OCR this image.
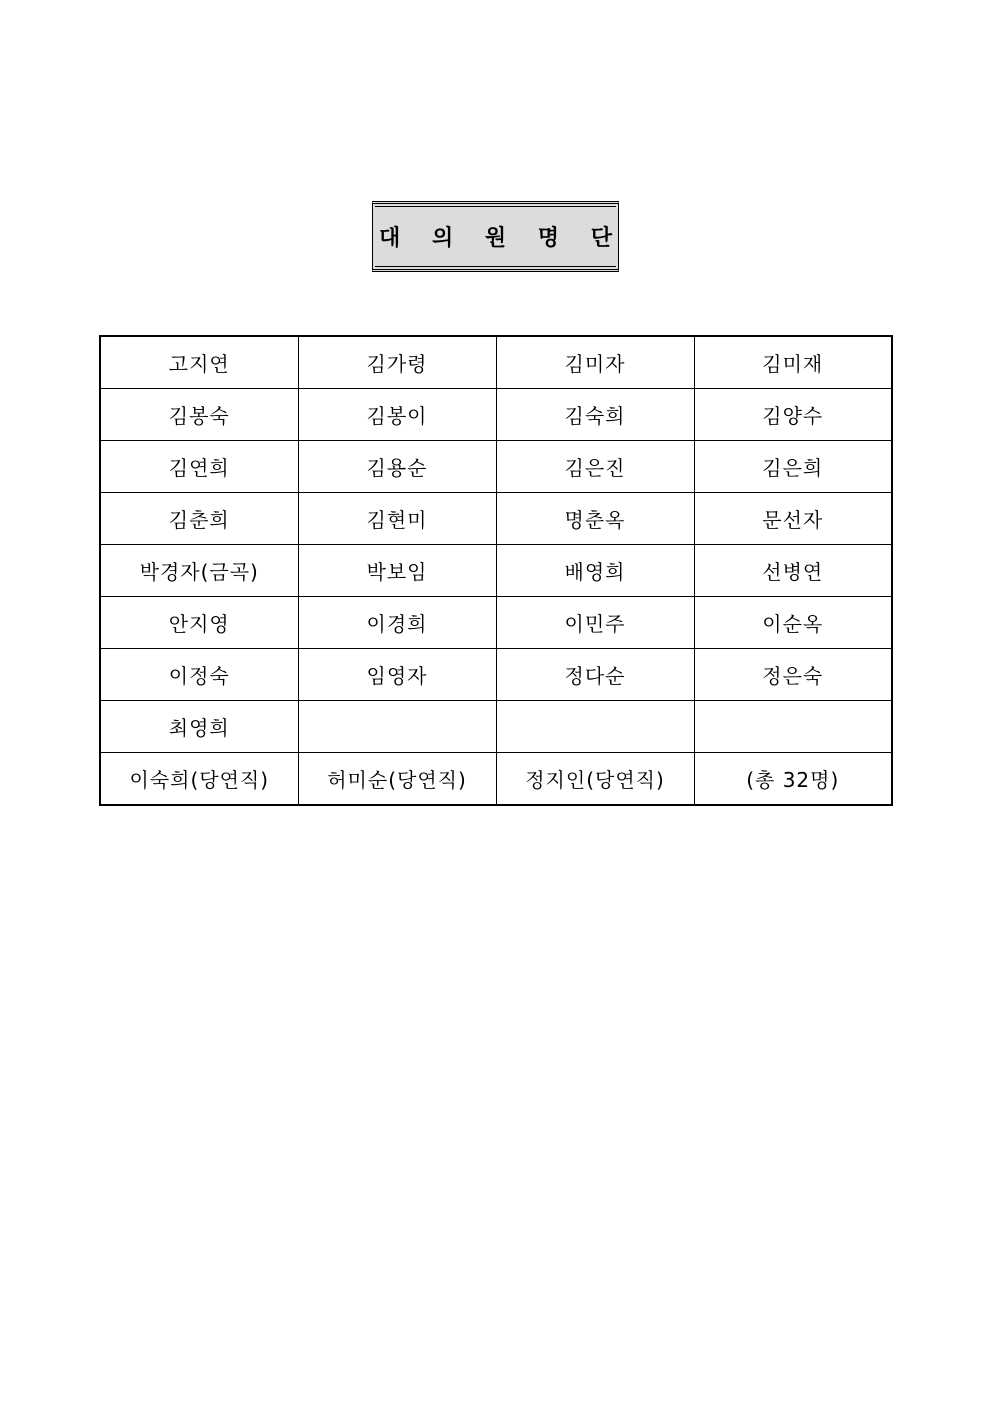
대 의 원 명 단
고지연	김가령	김미자	김미재
김봉숙	김봉이	김숙희	김양수
김연희	김용순	김은진	김은희
김춘희	김현미	명춘옥	문선자
박경자(금곡)	박보임	배영희	선병연
안지영	이경희	이민주	이순옥
이정숙	임영자	정다순	정은숙
최영희			
이숙희(당연직)	허미순(당연직)	정지인(당연직)	(총 32명)
